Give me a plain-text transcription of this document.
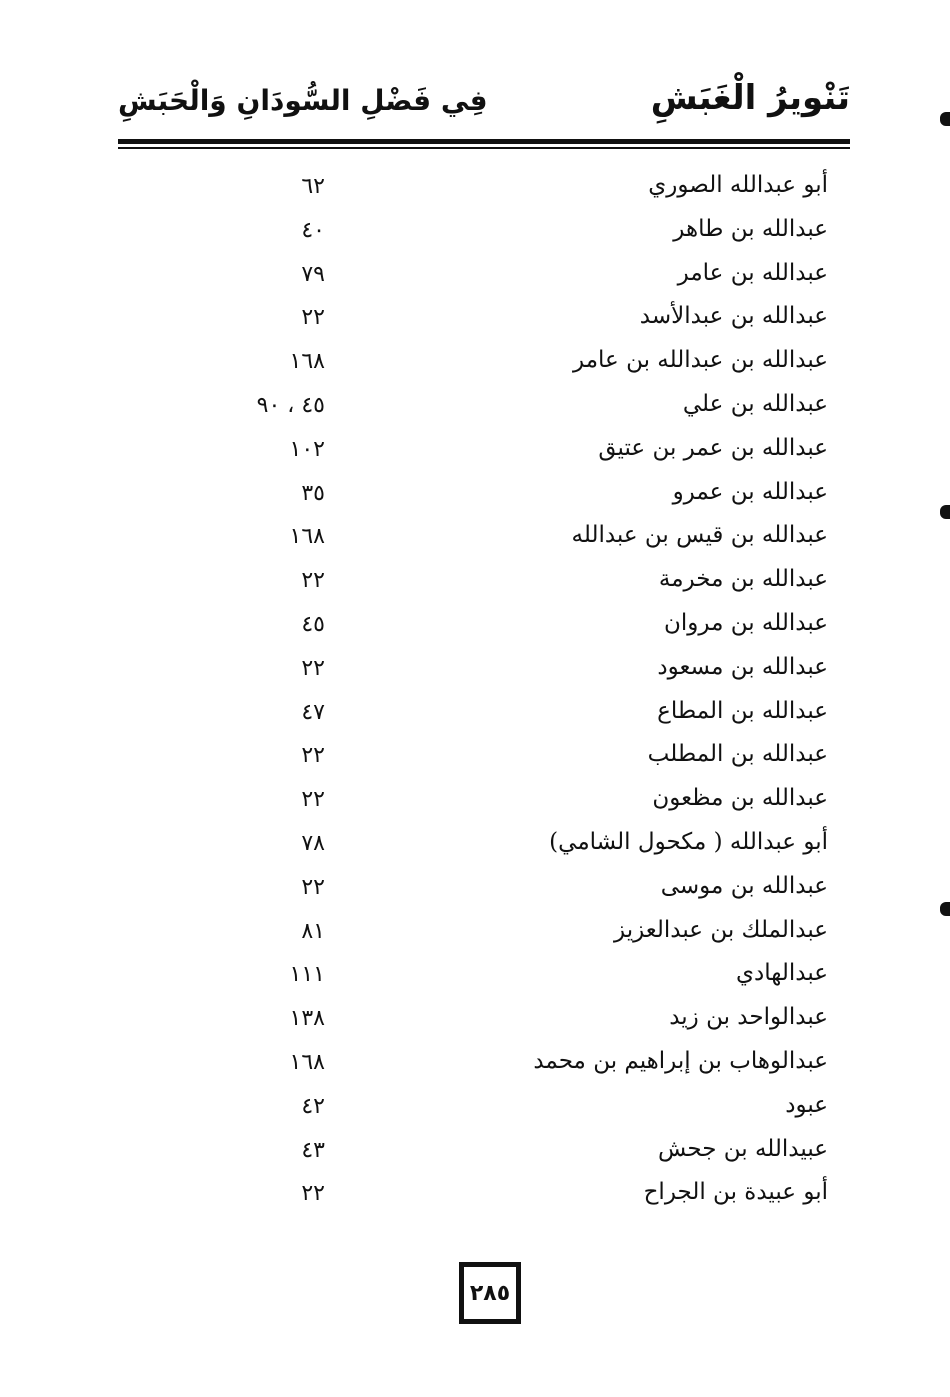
تَنْويرُ الْغَبَشِ
فِي فَضْلِ السُّودَانِ وَالْحَبَشِ
أبو عبدالله الصوري
٦٢
عبدالله بن طاهر
٤٠
عبدالله بن عامر
٧٩
عبدالله بن عبدالأسد
٢٢
عبدالله بن عبدالله بن عامر
١٦٨
عبدالله بن علي
٤٥ ، ٩٠
عبدالله بن عمر بن عتيق
١٠٢
عبدالله بن عمرو
٣٥
عبدالله بن قيس بن عبدالله
١٦٨
عبدالله بن مخرمة
٢٢
عبدالله بن مروان
٤٥
عبدالله بن مسعود
٢٢
عبدالله بن المطاع
٤٧
عبدالله بن المطلب
٢٢
عبدالله بن مظعون
٢٢
أبو عبدالله ( مكحول الشامي)
٧٨
عبدالله بن موسى
٢٢
عبدالملك بن عبدالعزيز
٨١
عبدالهادي
١١١
عبدالواحد بن زيد
١٣٨
عبدالوهاب بن إبراهيم بن محمد
١٦٨
عبود
٤٢
عبيدالله بن جحش
٤٣
أبو عبيدة بن الجراح
٢٢
٢٨٥
